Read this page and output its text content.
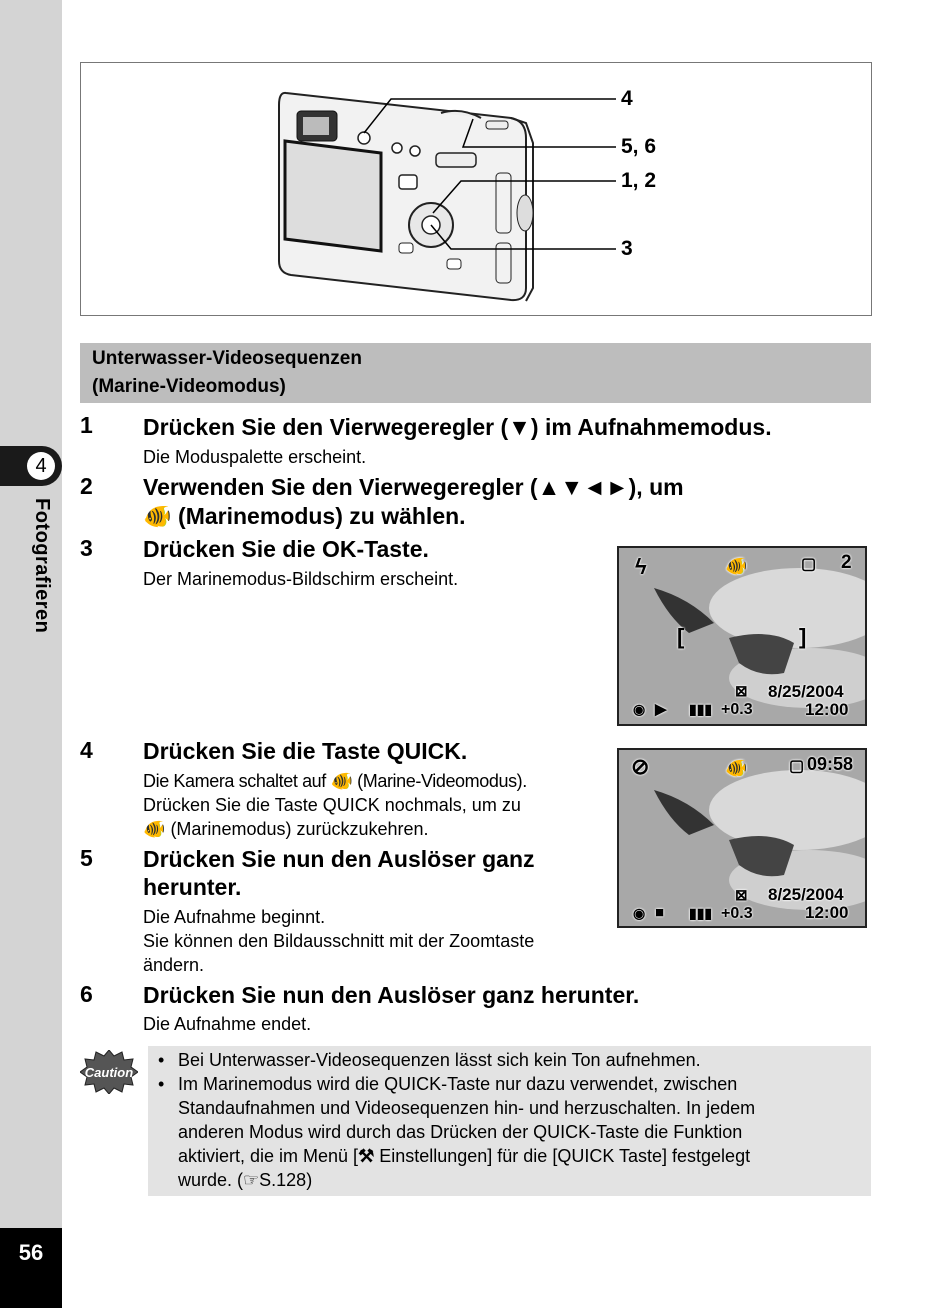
4
Fotografieren
56
4
5, 6
1, 2
3
Unterwasser-Videosequenzen
(Marine-Videomodus)
1 Drücken Sie den Vierwegeregler (▼) im Aufnahmemodus.
Die Moduspalette erscheint.
2 Verwenden Sie den Vierwegeregler (▲▼◄►), um
🐠 (Marinemodus) zu wählen.
3 Drücken Sie die OK-Taste.
Der Marinemodus-Bildschirm erscheint.	ϟ	🐠	▢ 2
[	]
⊠ 8/25/2004
◉ ▶ ▮▮▮ +0.3	12:00
4 Drücken Sie die Taste QUICK.
Die Kamera schaltet auf 🐠 (Marine-Videomodus).
Drücken Sie die Taste QUICK nochmals, um zu
🐠 (Marinemodus) zurückzukehren.
⊘	🐠	▢ 09:58
⊠ 8/25/2004
◉ ■ ▮▮▮ +0.3	12:00
5 Drücken Sie nun den Auslöser ganz
herunter.
Die Aufnahme beginnt.
Sie können den Bildausschnitt mit der Zoomtaste
ändern.
6 Drücken Sie nun den Auslöser ganz herunter.
Die Aufnahme endet.
Caution
• Bei Unterwasser-Videosequenzen lässt sich kein Ton aufnehmen.
• Im Marinemodus wird die QUICK-Taste nur dazu verwendet, zwischen
Standaufnahmen und Videosequenzen hin- und herzuschalten. In jedem
anderen Modus wird durch das Drücken der QUICK-Taste die Funktion
aktiviert, die im Menü [⚒ Einstellungen] für die [QUICK Taste] festgelegt
wurde. (☞S.128)
